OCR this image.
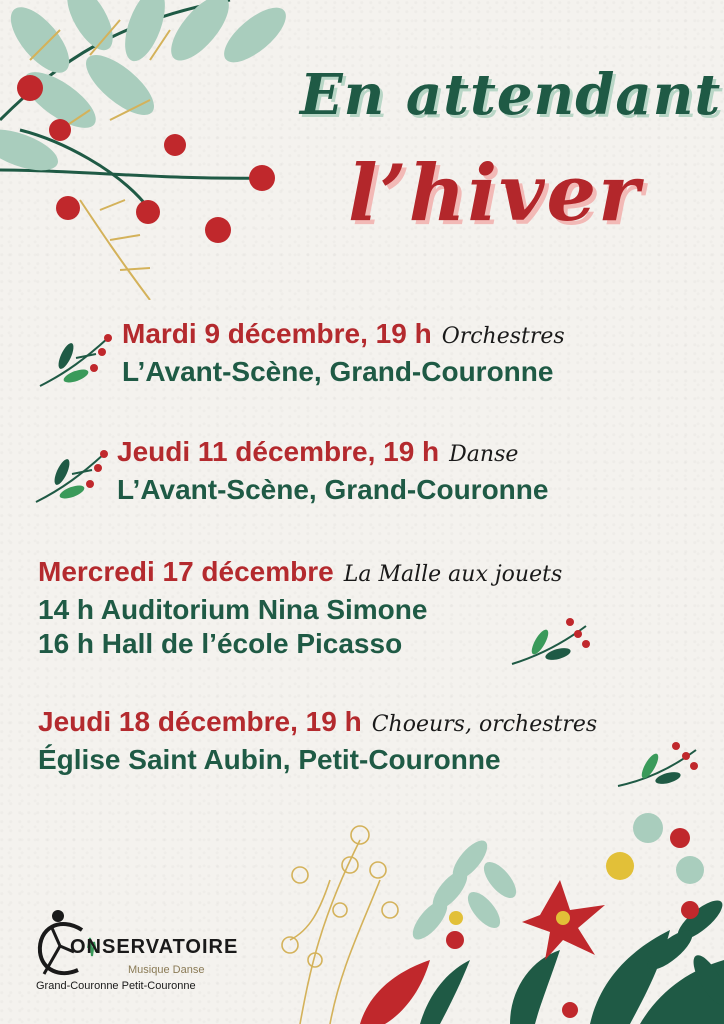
En attendant
l’hiver
Mardi 9 décembre, 19 h Orchestres
L’Avant-Scène, Grand-Couronne
Jeudi 11 décembre, 19 h Danse
L’Avant-Scène, Grand-Couronne
Mercredi 17 décembre La Malle aux jouets
14 h Auditorium Nina Simone
16 h Hall de l’école Picasso
Jeudi 18 décembre, 19 h Choeurs, orchestres
Église Saint Aubin, Petit-Couronne
ONSERVATOIRE
Musique Danse
Grand-Couronne Petit-Couronne
